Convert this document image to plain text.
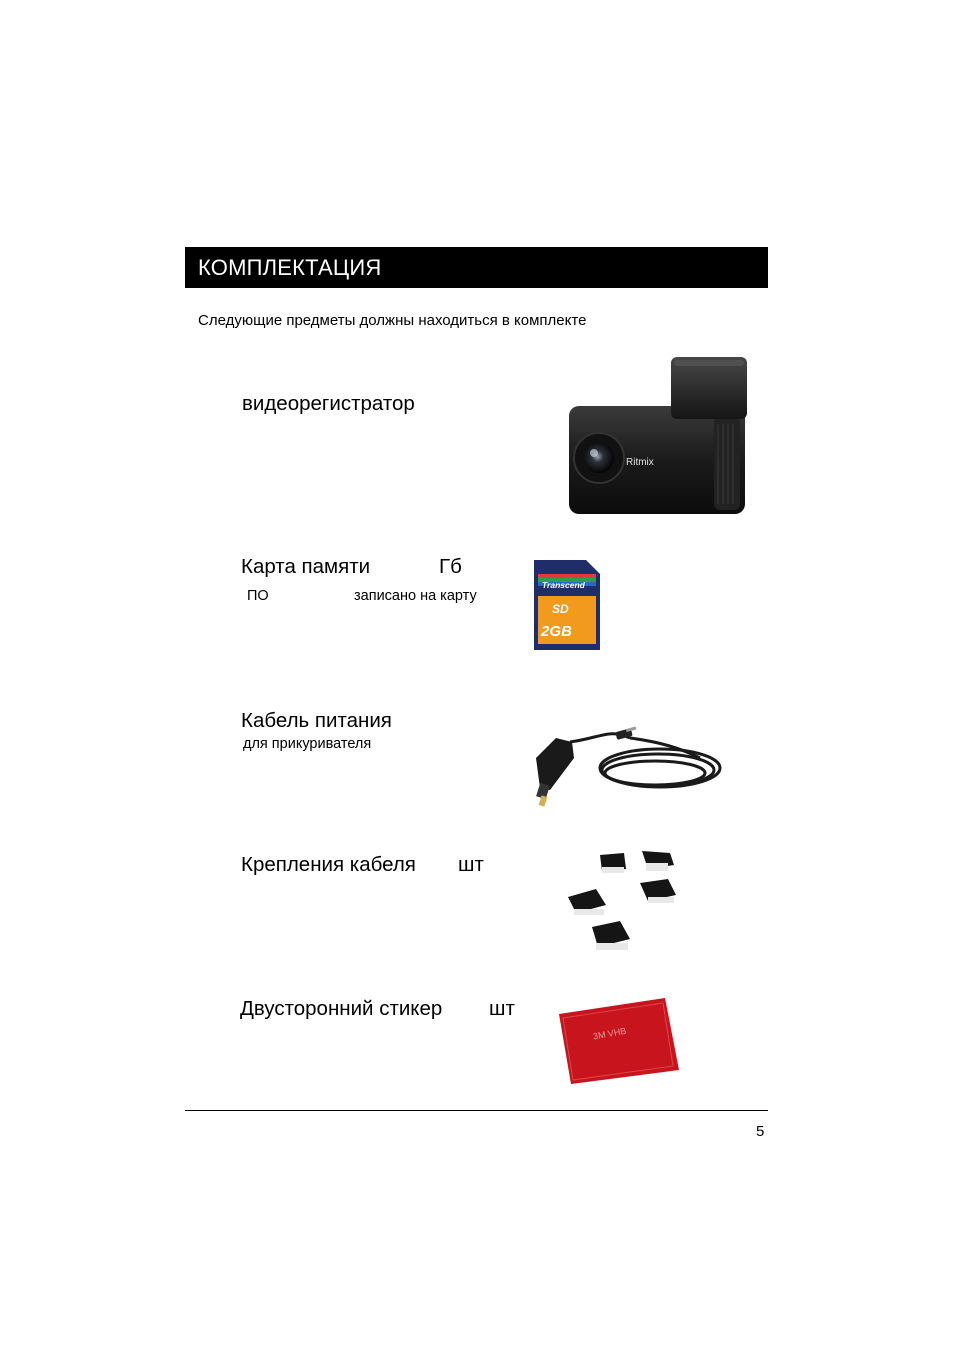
КОМПЛЕКТАЦИЯ
Следующие предметы должны находиться в комплекте
видеорегистратор
Ritmix
Карта памяти	Гб
ПО	записано на карту
Transcend
SD
2GB
Кабель питания
для прикуривателя
Крепления кабеля шт
Двусторонний стикер шт
3M VHB
5
